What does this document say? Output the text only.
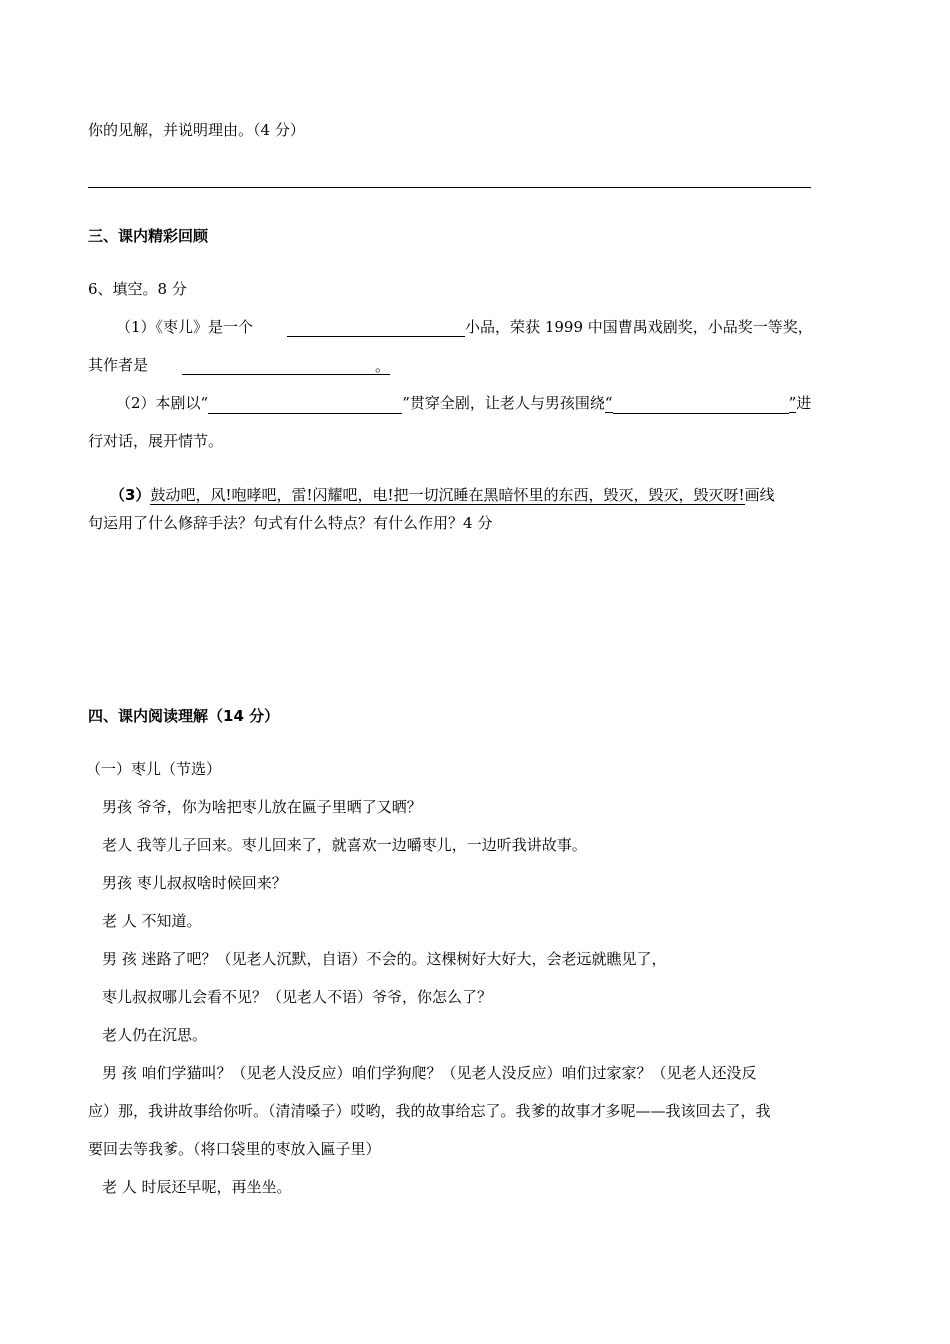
你的见解，并说明理由。（4 分）
三、课内精彩回顾
6、填空。8 分
（1）《枣儿》是一个	小品，荣获 1999 中国曹禺戏剧奖，小品奖一等奖，
其作者是	。
（2）本剧以“	”贯穿全剧，让老人与男孩围绕“	”进
行对话，展开情节。
（3）鼓动吧，风!咆哮吧，雷!闪耀吧，电!把一切沉睡在黑暗怀里的东西，毁灭，毁灭，毁灭呀!画线
句运用了什么修辞手法？句式有什么特点？有什么作用？4 分
四、课内阅读理解（14 分）
（一）枣儿（节选）
男孩 爷爷，你为啥把枣儿放在匾子里晒了又晒？
老人 我等儿子回来。枣儿回来了，就喜欢一边嚼枣儿，一边听我讲故事。
男孩 枣儿叔叔啥时候回来？
老 人 不知道。
男 孩 迷路了吧？（见老人沉默，自语）不会的。这棵树好大好大，会老远就瞧见了，
枣儿叔叔哪儿会看不见？（见老人不语）爷爷，你怎么了？
老人仍在沉思。
男 孩 咱们学猫叫？（见老人没反应）咱们学狗爬？（见老人没反应）咱们过家家？（见老人还没反
应）那，我讲故事给你听。（清清嗓子）哎哟，我的故事给忘了。我爹的故事才多呢——我该回去了，我
要回去等我爹。（将口袋里的枣放入匾子里）
老 人 时辰还早呢，再坐坐。
